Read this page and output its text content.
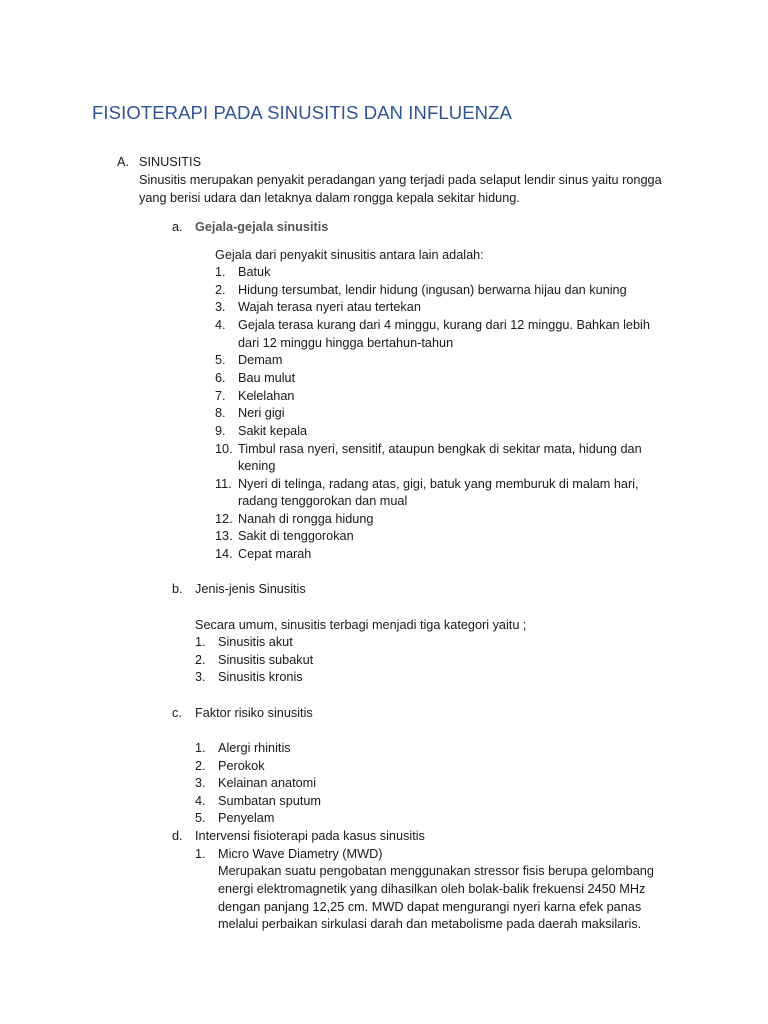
FISIOTERAPI PADA SINUSITIS DAN INFLUENZA
A. SINUSITIS
Sinusitis merupakan penyakit peradangan yang terjadi pada selaput lendir sinus yaitu rongga
yang berisi udara dan letaknya dalam rongga kepala sekitar hidung.
a. Gejala-gejala sinusitis
Gejala dari penyakit sinusitis antara lain adalah:
1. Batuk
2. Hidung tersumbat, lendir hidung (ingusan) berwarna hijau dan kuning
3. Wajah terasa nyeri atau tertekan
4. Gejala terasa kurang dari 4 minggu, kurang dari 12 minggu. Bahkan lebih
dari 12 minggu hingga bertahun-tahun
5. Demam
6. Bau mulut
7. Kelelahan
8. Neri gigi
9. Sakit kepala
10. Timbul rasa nyeri, sensitif, ataupun bengkak di sekitar mata, hidung dan
kening
11. Nyeri di telinga, radang atas, gigi, batuk yang memburuk di malam hari,
radang tenggorokan dan mual
12. Nanah di rongga hidung
13. Sakit di tenggorokan
14. Cepat marah
b. Jenis-jenis Sinusitis
Secara umum, sinusitis terbagi menjadi tiga kategori yaitu ;
1. Sinusitis akut
2. Sinusitis subakut
3. Sinusitis kronis
c. Faktor risiko sinusitis
1. Alergi rhinitis
2. Perokok
3. Kelainan anatomi
4. Sumbatan sputum
5. Penyelam
d. Intervensi fisioterapi pada kasus sinusitis
1. Micro Wave Diametry (MWD)
Merupakan suatu pengobatan menggunakan stressor fisis berupa gelombang
energi elektromagnetik yang dihasilkan oleh bolak-balik frekuensi 2450 MHz
dengan panjang 12,25 cm. MWD dapat mengurangi nyeri karna efek panas
melalui perbaikan sirkulasi darah dan metabolisme pada daerah maksilaris.
